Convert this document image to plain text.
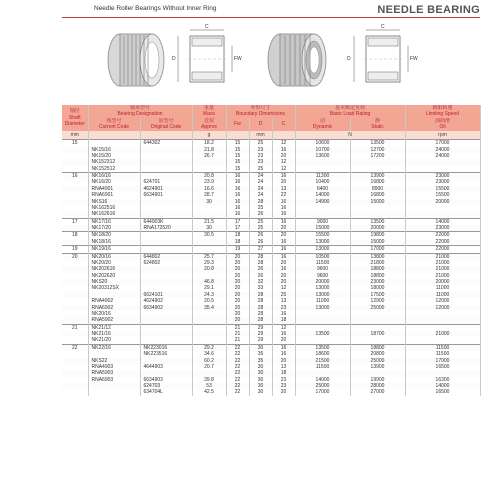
Needle Roller Bearings Without Inner Ring	NEEDLE BEARING
C
D	FW
C
D	FW
轴径
Shaft
Diameter	轴承型号
Bearing Designation		重量
Mass
近似
Approx	外形尺寸
Boundary Dimensions			基本额定负荷
Basic Load Rating		极限转速
Limiting Speed
	现型号
Current Code	原型号
Original Code		Fw	D	C	动
Dynamic	静
Static	油润滑
Oil

mm			g		mm		N		rpm
15		644302	18.2	15	25	12	10600	13500	17000
	NK15/16		21.8	15	23	16	10700	12700	24000
	NK15/20		26.7	15	23	20	13600	17200	24000
	NK152312			15	23	12			
	NK152512			15	25	12			
16	NK16/16		20.8	16	24	16	11300	13900	23000
	NK16/20	624701	23.9	16	24	20	10400	16800	23000
	RNA4901	4624901	16.6	16	24	13	6400	8900	15500
	RNA6901	6634901	28.7	16	24	22	14000	16800	15500
	NKS16		30	16	28	16	14900	15000	20000
	NK162516			16	25	16			
	NK162616			16	26	16			
17	NK17/16	644903K	21.5	17	25	16	9000	13500	14000
	NK17/20	RNA172520	30	17	25	20	15000	20000	23000
18	NK18/20		30.5	18	26	20	15500	19800	22000
	NK18/16			18	26	16	13000	15000	22000
19	NK19/16			19	27	16	13000	17000	22000
20	NK20/16	644802	25.7	20	28	16	10500	13800	21000
	NK20/20	624802	29.3	20	28	20	11500	21800	21000
	NK202616		20.8	20	26	16	9600	18800	21000
	NK202620			20	26	20	9600	18800	21000
	NKS20		46.8	20	32	20	20000	23000	20000
	NK20312SX		29.1	20	33	12	13000	18000	11000
		6624101	24.3	20	28	25	13000	17500	11000
	RNA4902	4624902	20.5	20	28	13	11000	12900	12000
	RNA6902	6634902	35.4	20	28	23	13000	25000	12000
	NK20/16			20	28	16			
	RNA5902			20	28	18			
21	NK21/12			21	29	12			
	NK21/16			21	29	16	13500	18700	21000
	NK21/20			21	29	20			
22	NK22/16	NK223016	29.2	22	30	16	13500	18800	11500
		NK223516	34.6	22	35	16	18600	20800	11500
	NKS22		60.2	22	35	20	21500	25000	17000
	RNA4903	4644903	20.7	22	30	13	11500	13900	16500
	RNA5903			22	30	18			
	RNA6903	6634903	39.8	22	30	23	14000	19900	16300
		624703	53	22	30	23	25000	28000	14000
		634704L	42.5	22	30	20	17000	27000	16500
